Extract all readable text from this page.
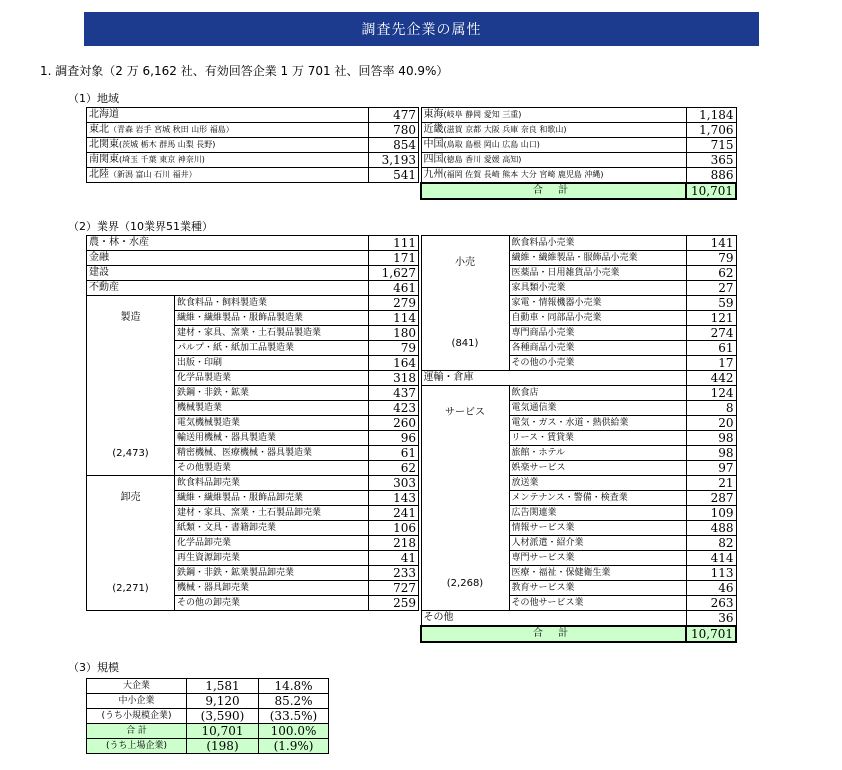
調査先企業の属性
1. 調査対象（2 万 6,162 社、有効回答企業 1 万 701 社、回答率 40.9%）
（1）地域
北海道	477
東北（青森 岩手 宮城 秋田 山形 福島）	780
北関東(茨城 栃木 群馬 山梨 長野)	854
南関東(埼玉 千葉 東京 神奈川)	3,193
北陸（新潟 富山 石川 福井）	541
東海(岐阜 静岡 愛知 三重)	1,184
近畿(滋賀 京都 大阪 兵庫 奈良 和歌山)	1,706
中国(鳥取 島根 岡山 広島 山口)	715
四国(徳島 香川 愛媛 高知)	365
九州(福岡 佐賀 長崎 熊本 大分 宮崎 鹿児島 沖縄)	886
合 計	10,701
（2）業界（10業界51業種）
農・林・水産		111
金融		171
建設		1,627
不動産		461

製造
(2,473)	飲食料品・飼料製造業	279
	繊維・繊維製品・服飾品製造業	114
	建材・家具、窯業・土石製品製造業	180
	パルプ・紙・紙加工品製造業	79
	出版・印刷	164
	化学品製造業	318
	鉄鋼・非鉄・鉱業	437
	機械製造業	423
	電気機械製造業	260
	輸送用機械・器具製造業	96
	精密機械、医療機械・器具製造業	61
	その他製造業	62

卸売
(2,271)	飲食料品卸売業	303
	繊維・繊維製品・服飾品卸売業	143
	建材・家具、窯業・土石製品卸売業	241
	紙類・文具・書籍卸売業	106
	化学品卸売業	218
	再生資源卸売業	41
	鉄鋼・非鉄・鉱業製品卸売業	233
	機械・器具卸売業	727
	その他の卸売業	259
小売
(841)	飲食料品小売業	141
	繊維・繊維製品・服飾品小売業	79
	医薬品・日用雑貨品小売業	62
	家具類小売業	27
	家電・情報機器小売業	59
	自動車・同部品小売業	121
	専門商品小売業	274
	各種商品小売業	61
	その他の小売業	17
運輸・倉庫		442

サービス
(2,268)	飲食店	124
	電気通信業	8
	電気・ガス・水道・熱供給業	20
	リース・賃貸業	98
	旅館・ホテル	98
	娯楽サービス	97
	放送業	21
	メンテナンス・警備・検査業	287
	広告関連業	109
	情報サービス業	488
	人材派遣・紹介業	82
	専門サービス業	414
	医療・福祉・保健衛生業	113
	教育サービス業	46
	その他サービス業	263
その他		36
合 計		10,701
（3）規模
大企業	1,581	14.8%
中小企業	9,120	85.2%
(うち小規模企業)	(3,590)	(33.5%)
合 計	10,701	100.0%
(うち上場企業)	(198)	(1.9%)
